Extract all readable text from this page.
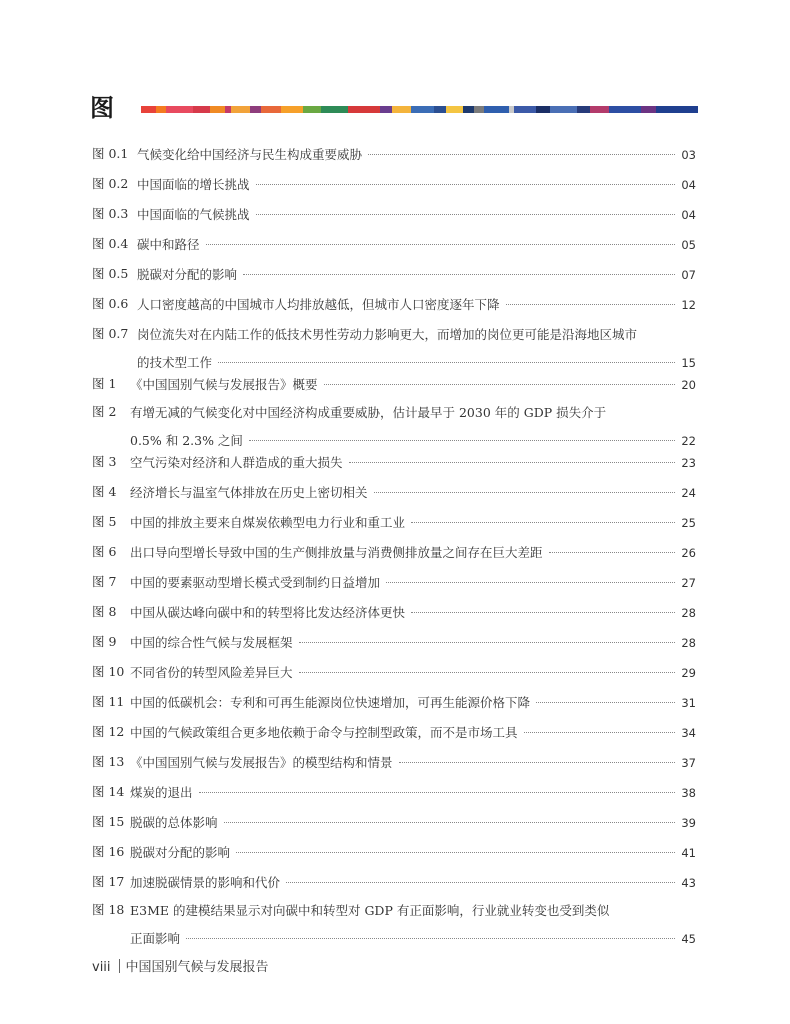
图
图 0.1 气候变化给中国经济与民生构成重要威胁	03
图 0.2 中国面临的增长挑战	04
图 0.3 中国面临的气候挑战	04
图 0.4 碳中和路径	05
图 0.5 脱碳对分配的影响	07
图 0.6 人口密度越高的中国城市人均排放越低，但城市人口密度逐年下降	12
图 0.7 岗位流失对在内陆工作的低技术男性劳动力影响更大，而增加的岗位更可能是沿海地区城市
的技术型工作	15
图 1 《中国国别气候与发展报告》概要	20
图 2 有增无减的气候变化对中国经济构成重要威胁，估计最早于 2030 年的 GDP 损失介于
0.5% 和 2.3% 之间	22
图 3 空气污染对经济和人群造成的重大损失	23
图 4 经济增长与温室气体排放在历史上密切相关	24
图 5 中国的排放主要来自煤炭依赖型电力行业和重工业	25
图 6 出口导向型增长导致中国的生产侧排放量与消费侧排放量之间存在巨大差距	26
图 7 中国的要素驱动型增长模式受到制约日益增加	27
图 8 中国从碳达峰向碳中和的转型将比发达经济体更快	28
图 9 中国的综合性气候与发展框架	28
图 10 不同省份的转型风险差异巨大	29
图 11 中国的低碳机会：专利和可再生能源岗位快速增加，可再生能源价格下降	31
图 12 中国的气候政策组合更多地依赖于命令与控制型政策，而不是市场工具	34
图 13 《中国国别气候与发展报告》的模型结构和情景	37
图 14 煤炭的退出	38
图 15 脱碳的总体影响	39
图 16 脱碳对分配的影响	41
图 17 加速脱碳情景的影响和代价	43
图 18 E3ME 的建模结果显示对向碳中和转型对 GDP 有正面影响，行业就业转变也受到类似
正面影响	45
viii 中国国别气候与发展报告
